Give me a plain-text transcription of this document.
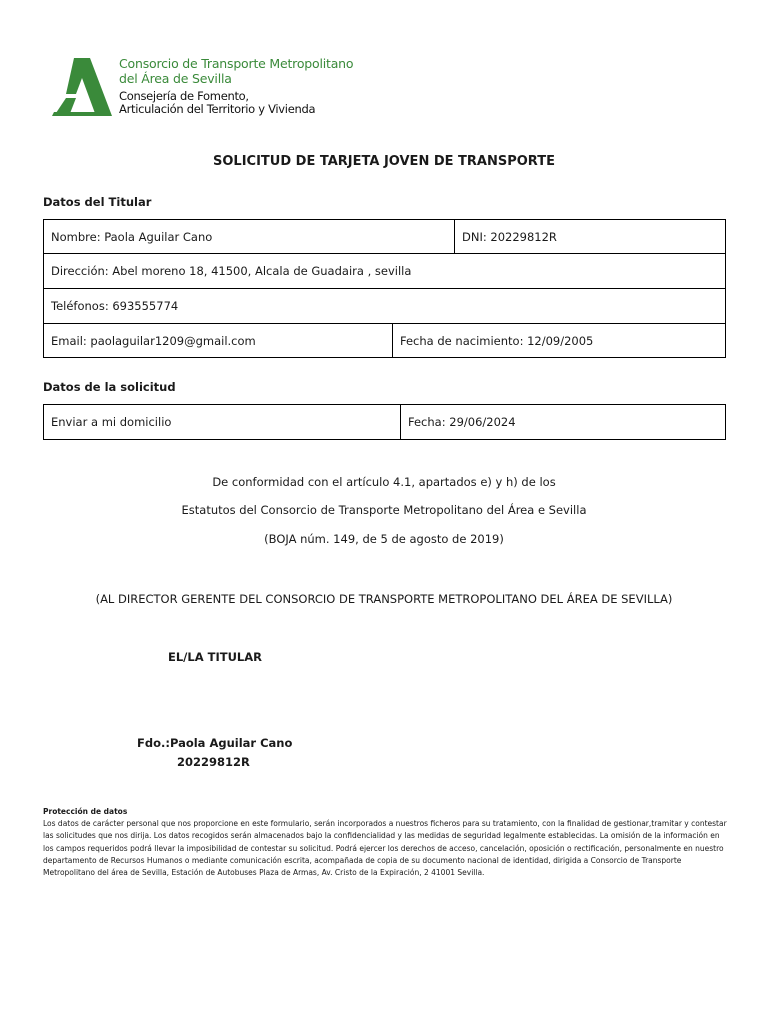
Consorcio de Transporte Metropolitano
del Área de Sevilla
Consejería de Fomento,
Articulación del Territorio y Vivienda
SOLICITUD DE TARJETA JOVEN DE TRANSPORTE
Datos del Titular
Nombre: Paola Aguilar Cano	DNI: 20229812R
Dirección: Abel moreno 18, 41500, Alcala de Guadaira , sevilla
Teléfonos: 693555774
Email: paolaguilar1209@gmail.com	Fecha de nacimiento: 12/09/2005
Datos de la solicitud
Enviar a mi domicilio	Fecha: 29/06/2024
De conformidad con el artículo 4.1, apartados e) y h) de los
Estatutos del Consorcio de Transporte Metropolitano del Área e Sevilla
(BOJA núm. 149, de 5 de agosto de 2019)
(AL DIRECTOR GERENTE DEL CONSORCIO DE TRANSPORTE METROPOLITANO DEL ÁREA DE SEVILLA)
EL/LA TITULAR
Fdo.:Paola Aguilar Cano
20229812R
Protección de datos
Los datos de carácter personal que nos proporcione en este formulario, serán incorporados a nuestros ficheros para su tratamiento, con la finalidad de gestionar,tramitar y contestar las solicitudes que nos dirija. Los datos recogidos serán almacenados bajo la confidencialidad y las medidas de seguridad legalmente establecidas. La omisión de la información en los campos requeridos podrá llevar la imposibilidad de contestar su solicitud. Podrá ejercer los derechos de acceso, cancelación, oposición o rectificación, personalmente en nuestro departamento de Recursos Humanos o mediante comunicación escrita, acompañada de copia de su documento nacional de identidad, dirigida a Consorcio de Transporte Metropolitano del área de Sevilla, Estación de Autobuses Plaza de Armas, Av. Cristo de la Expiración, 2 41001 Sevilla.
